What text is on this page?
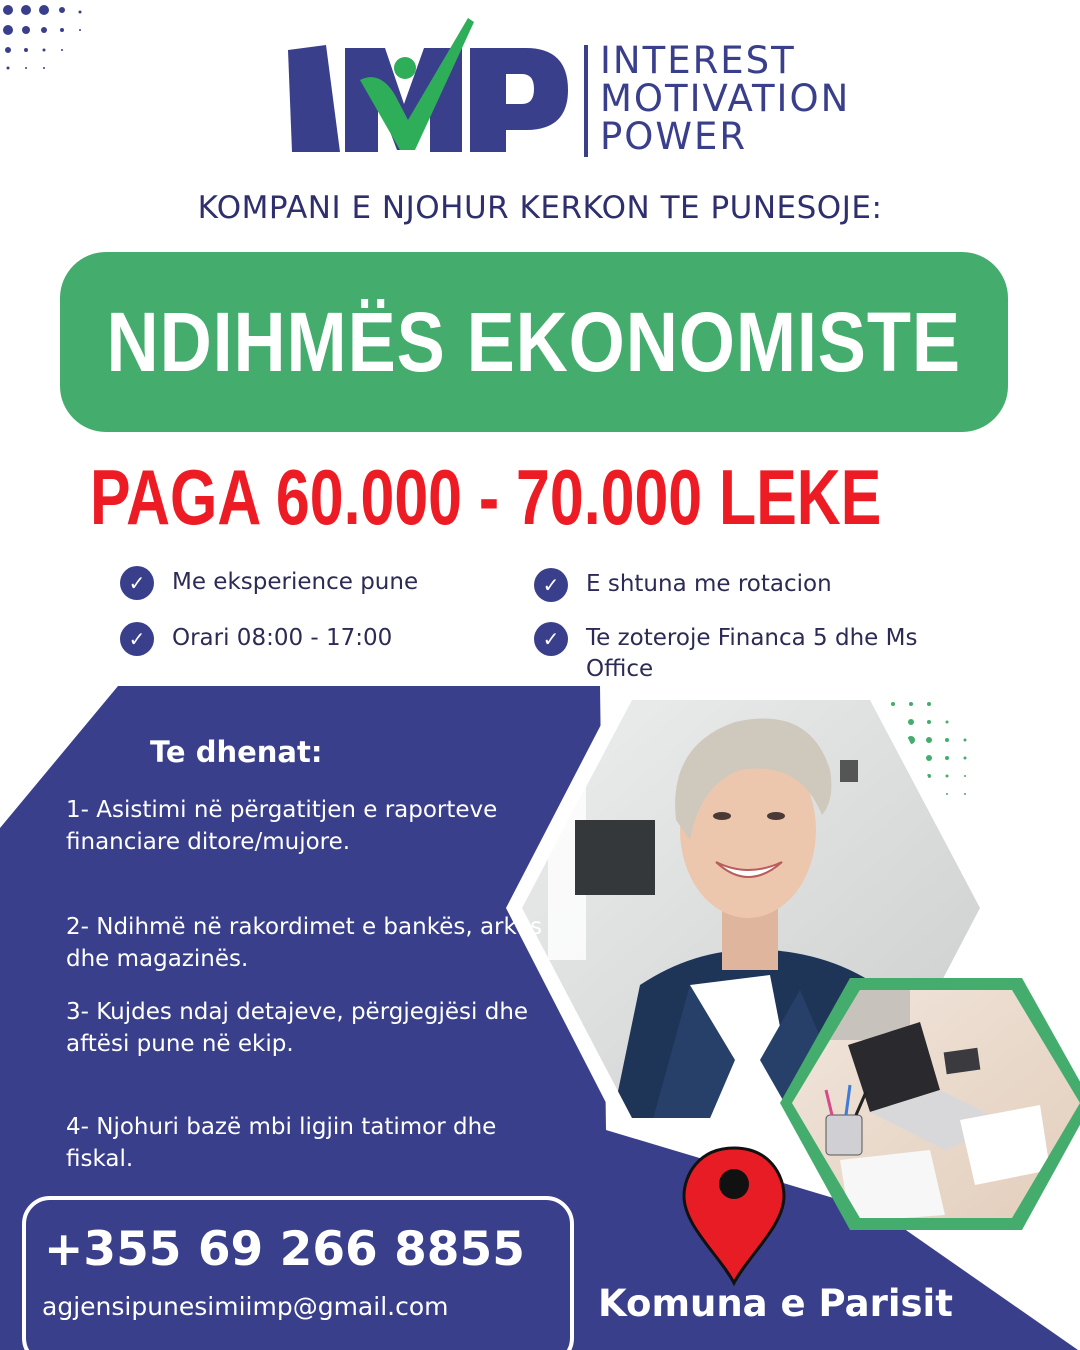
INTEREST
MOTIVATION
POWER
KOMPANI E NJOHUR KERKON TE PUNESOJE:
NDIHMËS EKONOMISTE
PAGA 60.000 - 70.000 LEKE
✓	Me eksperience pune
✓	Orari 08:00 - 17:00
✓	E shtuna me rotacion
✓	Te zoteroje Financa 5 dhe Ms Office
Te dhenat:
1- Asistimi në përgatitjen e raporteve financiare ditore/mujore.
2- Ndihmë në rakordimet e bankës, arkës dhe magazinës.
3- Kujdes ndaj detajeve, përgjegjësi dhe aftësi pune në ekip.
4- Njohuri bazë mbi ligjin tatimor dhe fiskal.
+355 69 266 8855
agjensipunesimiimp@gmail.com	Komuna e Parisit
